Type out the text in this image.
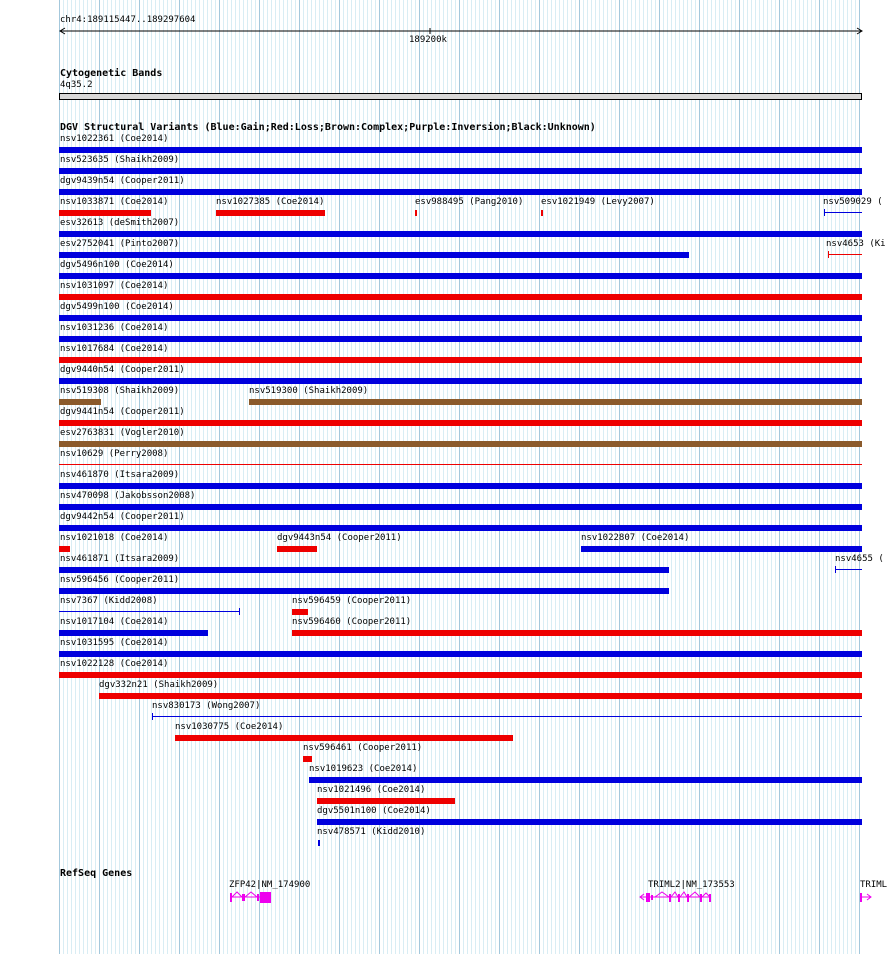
chr4:189115447..189297604
189200k
Cytogenetic Bands
4q35.2
DGV Structural Variants (Blue:Gain;Red:Loss;Brown:Complex;Purple:Inversion;Black:Unknown)
nsv1022361 (Coe2014)
nsv523635 (Shaikh2009)
dgv9439n54 (Cooper2011)
nsv1033871 (Coe2014)	nsv1027385 (Coe2014)	esv988495 (Pang2010) esv1021949 (Levy2007)	nsv509029 (
esv32613 (deSmith2007)
esv2752041 (Pinto2007)	nsv4653 (Ki
dgv5496n100 (Coe2014)
nsv1031097 (Coe2014)
dgv5499n100 (Coe2014)
nsv1031236 (Coe2014)
nsv1017684 (Coe2014)
dgv9440n54 (Cooper2011)
nsv519308 (Shaikh2009)	nsv519300 (Shaikh2009)
dgv9441n54 (Cooper2011)
esv2763831 (Vogler2010)
nsv10629 (Perry2008)
nsv461870 (Itsara2009)
nsv470098 (Jakobsson2008)
dgv9442n54 (Cooper2011)
nsv1021018 (Coe2014)	dgv9443n54 (Cooper2011)	nsv1022807 (Coe2014)
nsv461871 (Itsara2009)	nsv4655 (
nsv596456 (Cooper2011)
nsv7367 (Kidd2008)	nsv596459 (Cooper2011)
nsv1017104 (Coe2014)	nsv596460 (Cooper2011)
nsv1031595 (Coe2014)
nsv1022128 (Coe2014)
dgv332n21 (Shaikh2009)
nsv830173 (Wong2007)
nsv1030775 (Coe2014)
nsv596461 (Cooper2011)
nsv1019623 (Coe2014)
nsv1021496 (Coe2014)
dgv5501n100 (Coe2014)
nsv478571 (Kidd2010)
RefSeq Genes
ZFP42|NM_174900	TRIML2|NM_173553	TRIML
